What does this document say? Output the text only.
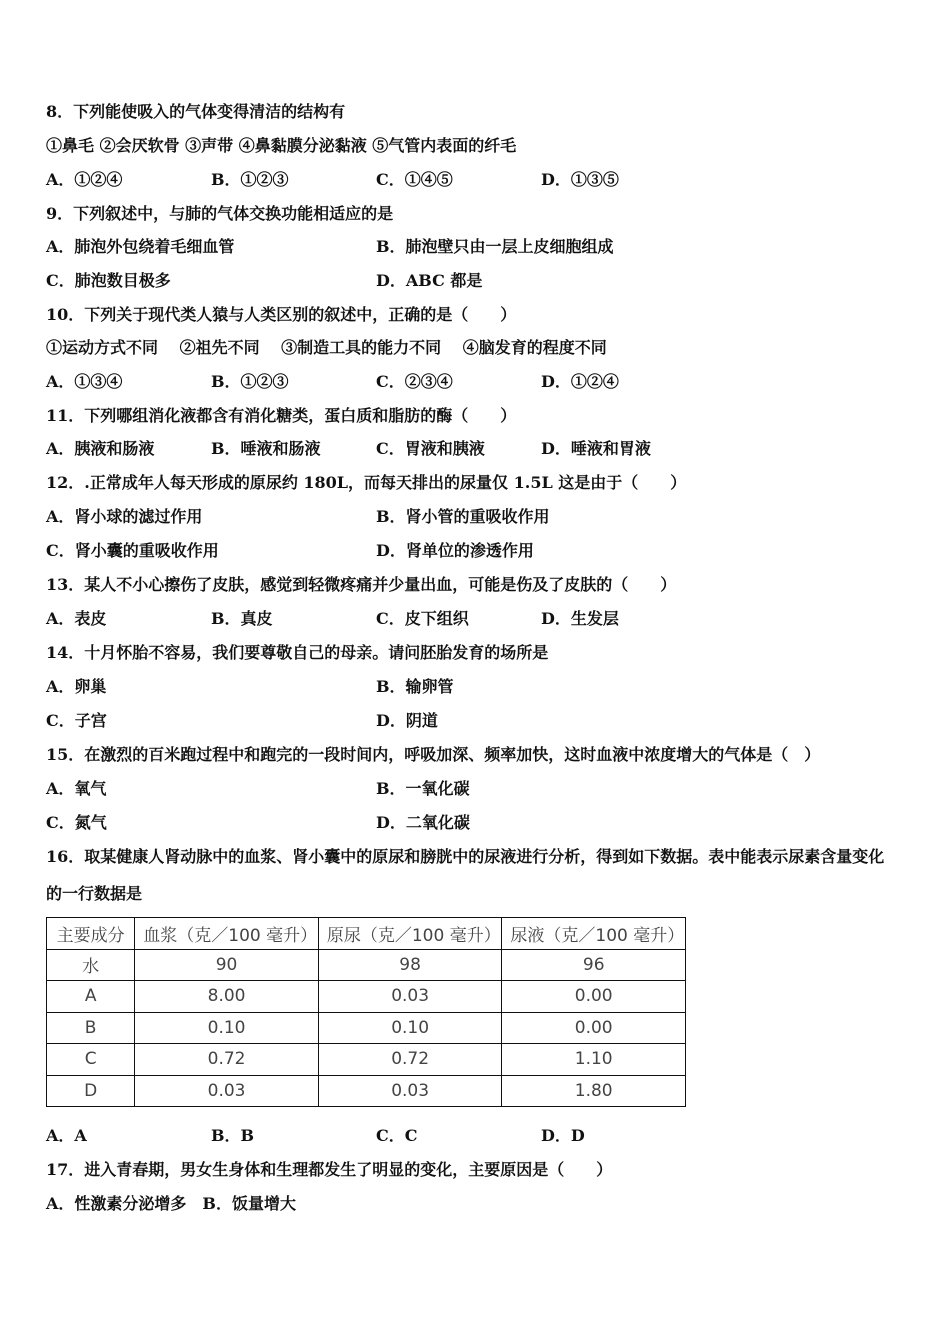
8．下列能使吸入的气体变得清洁的结构有
①鼻毛 ②会厌软骨 ③声带 ④鼻黏膜分泌黏液 ⑤气管内表面的纤毛
A．①②④	B．①②③	C．①④⑤	D．①③⑤
9．下列叙述中，与肺的气体交换功能相适应的是
A．肺泡外包绕着毛细血管	B．肺泡壁只由一层上皮细胞组成
C．肺泡数目极多	D．ABC 都是
10．下列关于现代类人猿与人类区别的叙述中，正确的是（　　）
①运动方式不同　 ②祖先不同　 ③制造工具的能力不同　 ④脑发育的程度不同
A．①③④	B．①②③	C．②③④	D．①②④
11．下列哪组消化液都含有消化糖类，蛋白质和脂肪的酶（　　）
A．胰液和肠液	B．唾液和肠液	C．胃液和胰液	D．唾液和胃液
12．.正常成年人每天形成的原尿约 180L，而每天排出的尿量仅 1.5L 这是由于（　　）
A．肾小球的滤过作用	B．肾小管的重吸收作用
C．肾小囊的重吸收作用	D．肾单位的渗透作用
13．某人不小心擦伤了皮肤，感觉到轻微疼痛并少量出血，可能是伤及了皮肤的（　　）
A．表皮	B．真皮	C．皮下组织	D．生发层
14．十月怀胎不容易，我们要尊敬自己的母亲。请问胚胎发育的场所是
A．卵巢	B．输卵管
C．子宫	D．阴道
15．在激烈的百米跑过程中和跑完的一段时间内，呼吸加深、频率加快，这时血液中浓度增大的气体是（　）
A．氧气	B．一氧化碳
C．氮气	D．二氧化碳
16．取某健康人肾动脉中的血浆、肾小囊中的原尿和膀胱中的尿液进行分析，得到如下数据。表中能表示尿素含量变化
的一行数据是
主要成分	血浆（克／100 毫升）	原尿（克／100 毫升）	尿液（克／100 毫升）
水	90	98	96
A	8.00	0.03	0.00
B	0.10	0.10	0.00
C	0.72	0.72	1.10
D	0.03	0.03	1.80
A．A	B．B	C．C	D．D
17．进入青春期，男女生身体和生理都发生了明显的变化，主要原因是（　　）
A．性激素分泌增多　B．饭量增大
